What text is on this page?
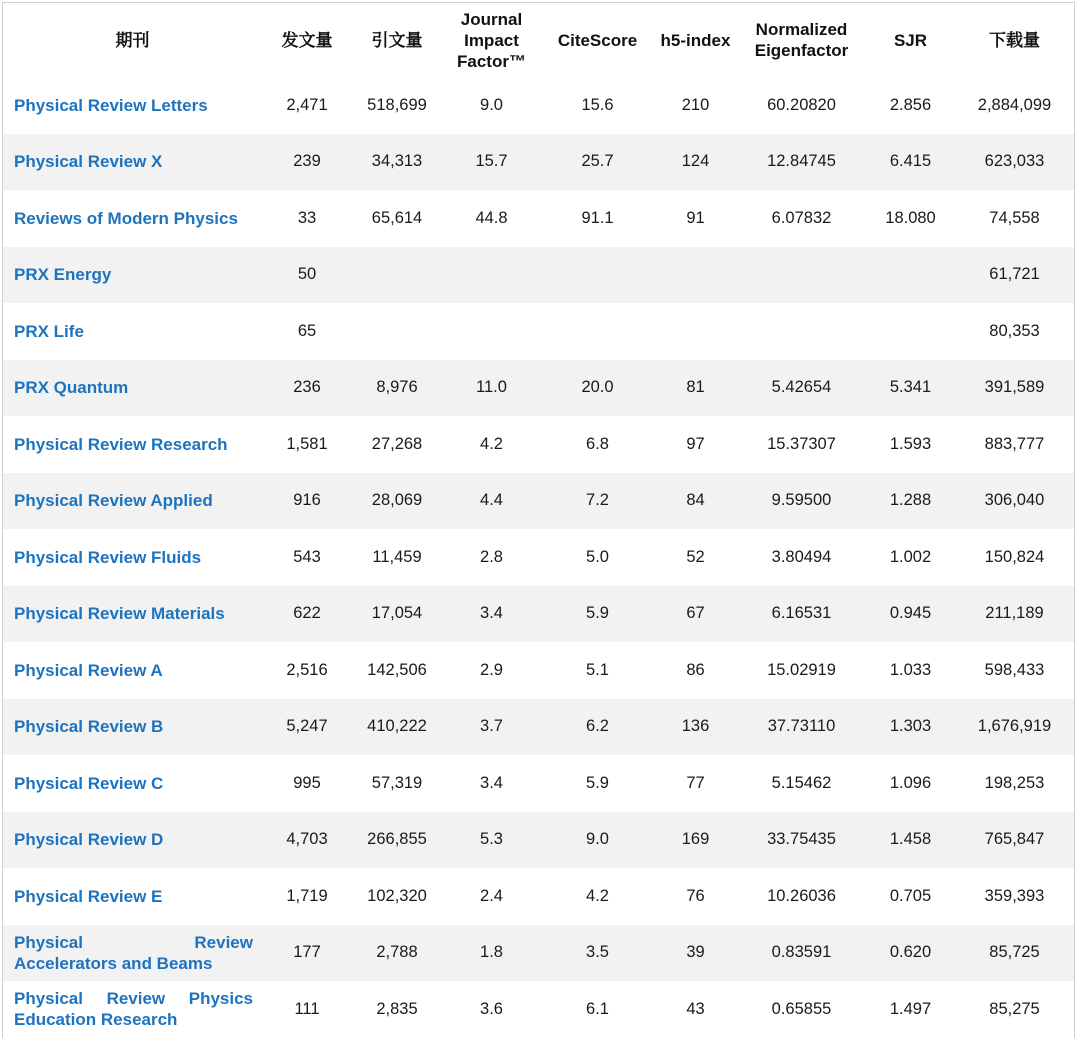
期刊	发文量	引文量	Journal Impact Factor™	CiteScore	h5-index	Normalized Eigenfactor	SJR	下载量
Physical Review Letters	2,471	518,699	9.0	15.6	210	60.20820	2.856	2,884,099
Physical Review X	239	34,313	15.7	25.7	124	12.84745	6.415	623,033
Reviews of Modern Physics	33	65,614	44.8	91.1	91	6.07832	18.080	74,558
PRX Energy	50							61,721
PRX Life	65							80,353
PRX Quantum	236	8,976	11.0	20.0	81	5.42654	5.341	391,589
Physical Review Research	1,581	27,268	4.2	6.8	97	15.37307	1.593	883,777
Physical Review Applied	916	28,069	4.4	7.2	84	9.59500	1.288	306,040
Physical Review Fluids	543	11,459	2.8	5.0	52	3.80494	1.002	150,824
Physical Review Materials	622	17,054	3.4	5.9	67	6.16531	0.945	211,189
Physical Review A	2,516	142,506	2.9	5.1	86	15.02919	1.033	598,433
Physical Review B	5,247	410,222	3.7	6.2	136	37.73110	1.303	1,676,919
Physical Review C	995	57,319	3.4	5.9	77	5.15462	1.096	198,253
Physical Review D	4,703	266,855	5.3	9.0	169	33.75435	1.458	765,847
Physical Review E	1,719	102,320	2.4	4.2	76	10.26036	0.705	359,393
Physical Review Accelerators and Beams	177	2,788	1.8	3.5	39	0.83591	0.620	85,725
Physical Review Physics Education Research	111	2,835	3.6	6.1	43	0.65855	1.497	85,275
